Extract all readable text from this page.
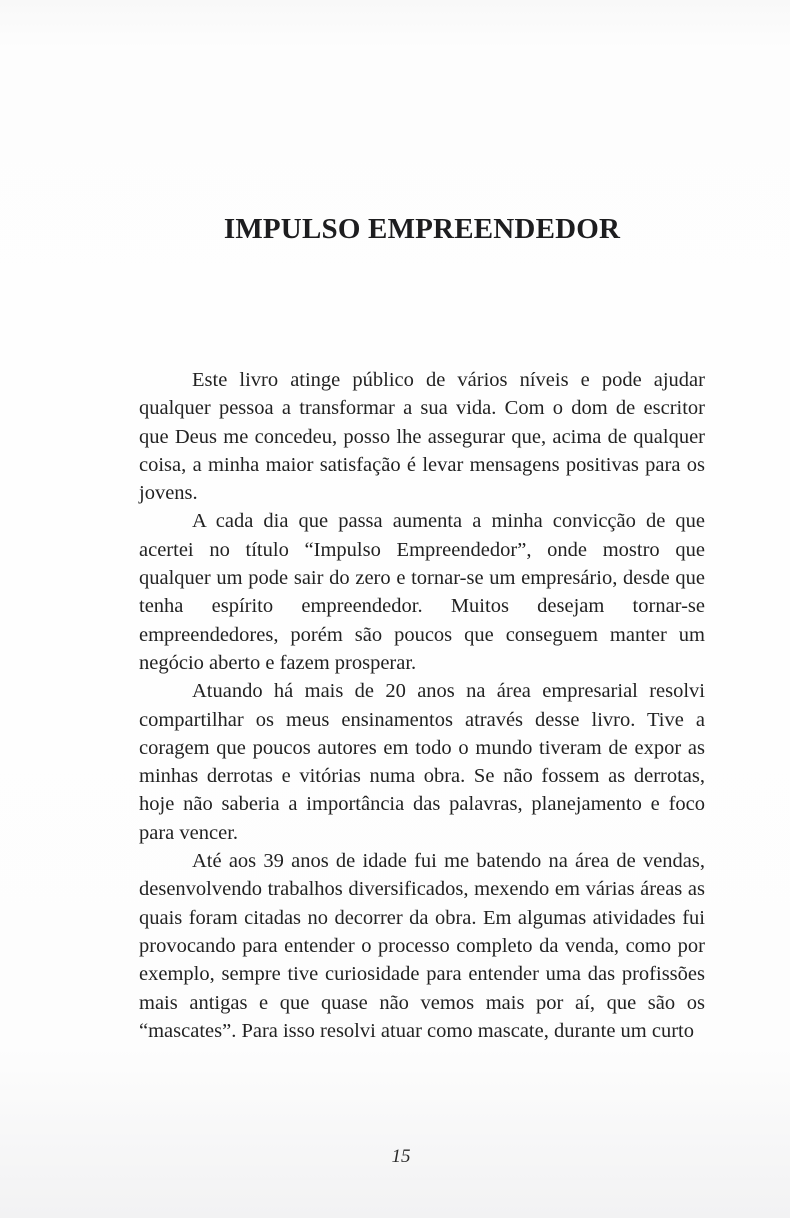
IMPULSO EMPREENDEDOR

Este livro atinge público de vários níveis e pode ajudar qualquer pessoa a transformar a sua vida. Com o dom de escritor que Deus me concedeu, posso lhe assegurar que, acima de qualquer coisa, a minha maior satisfação é levar mensagens positivas para os jovens.

A cada dia que passa aumenta a minha convicção de que acertei no título “Impulso Empreendedor”, onde mostro que qualquer um pode sair do zero e tornar-se um empresário, desde que tenha espírito empreendedor. Muitos desejam tornar-se empreendedores, porém são poucos que conseguem manter um negócio aberto e fazem prosperar.

Atuando há mais de 20 anos na área empresarial resolvi compartilhar os meus ensinamentos através desse livro. Tive a coragem que poucos autores em todo o mundo tiveram de expor as minhas derrotas e vitórias numa obra. Se não fossem as derrotas, hoje não saberia a importância das palavras, planejamento e foco para vencer.

Até aos 39 anos de idade fui me batendo na área de vendas, desenvolvendo trabalhos diversificados, mexendo em várias áreas as quais foram citadas no decorrer da obra. Em algumas atividades fui provocando para entender o processo completo da venda, como por exemplo, sempre tive curiosidade para entender uma das profissões mais antigas e que quase não vemos mais por aí, que são os “mascates”. Para isso resolvi atuar como mascate, durante um curto

15
